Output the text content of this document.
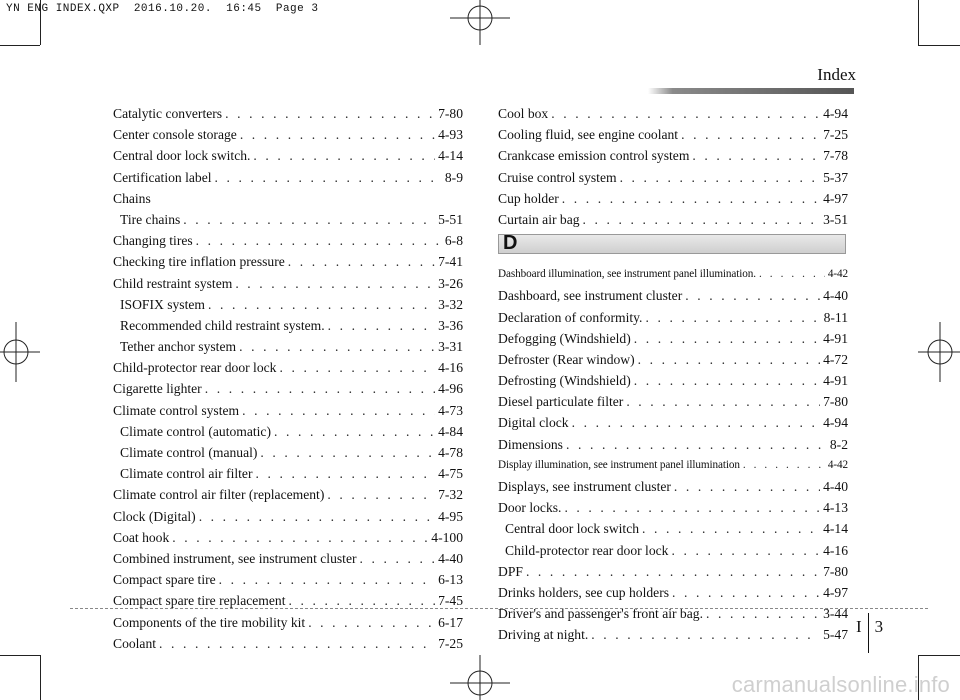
YN ENG INDEX.QXP  2016.10.20.  16:45  Page 3
Index
Catalytic converters . . .	7-80
Center console storage . . .	4-93
Central door lock switch. . . .	4-14
Certification label . . .	8-9
Chains
Tire chains . . .	5-51
Changing tires . . .	6-8
Checking tire inflation pressure . . .	7-41
Child restraint system . . .	3-26
ISOFIX system . . .	3-32
Recommended child restraint system. . . .	3-36
Tether anchor system . . .	3-31
Child-protector rear door lock . . .	4-16
Cigarette lighter . . .	4-96
Climate control system . . .	4-73
Climate control (automatic) . . .	4-84
Climate control (manual) . . .	4-78
Climate control air filter . . .	4-75
Climate control air filter (replacement) . . .	7-32
Clock (Digital) . . .	4-95
Coat hook . . .	4-100
Combined instrument, see instrument cluster . . .	4-40
Compact spare tire . . .	6-13
Compact spare tire replacement . . .	7-45
Components of the tire mobility kit . . .	6-17
Coolant . . .	7-25
Cool box . . .	4-94
Cooling fluid, see engine coolant . . .	7-25
Crankcase emission control system . . .	7-78
Cruise control system . . .	5-37
Cup holder . . .	4-97
Curtain air bag . . .	3-51
D
Dashboard illumination, see instrument panel illumination. . . .	4-42
Dashboard, see instrument cluster . . .	4-40
Declaration of conformity. . . .	8-11
Defogging (Windshield) . . .	4-91
Defroster (Rear window) . . .	4-72
Defrosting (Windshield) . . .	4-91
Diesel particulate filter . . .	7-80
Digital clock . . .	4-94
Dimensions . . .	8-2
Display illumination, see instrument panel illumination . . .	4-42
Displays, see instrument cluster . . .	4-40
Door locks. . . .	4-13
Central door lock switch . . .	4-14
Child-protector rear door lock . . .	4-16
DPF . . .	7-80
Drinks holders, see cup holders . . .	4-97
Driver's and passenger's front air bag. . . .	3-44
Driving at night. . . .	5-47 I 3
carmanualsonline.info
